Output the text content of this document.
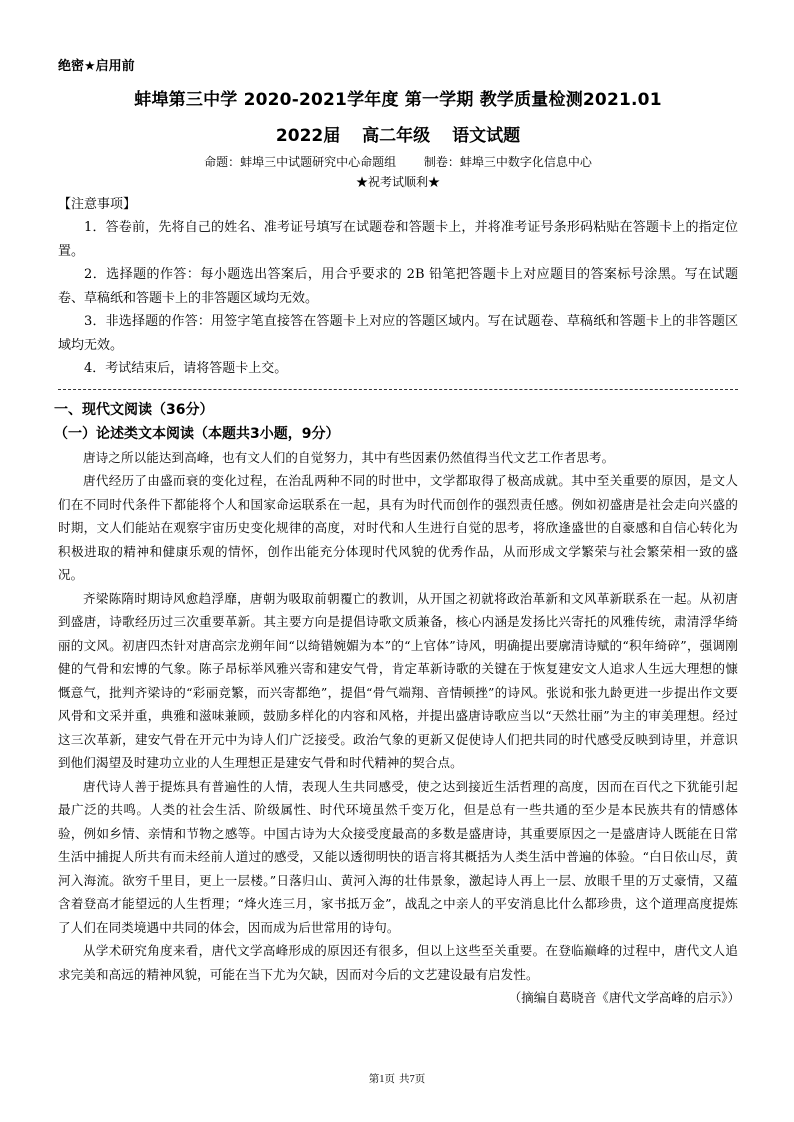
绝密★启用前
蚌埠第三中学 2020-2021学年度 第一学期 教学质量检测2021.01
2022届 高二年级 语文试题
命题：蚌埠三中试题研究中心命题组 制卷：蚌埠三中数字化信息中心
★祝考试顺利★
【注意事项】

1．答卷前，先将自己的姓名、准考证号填写在试题卷和答题卡上，并将准考证号条形码粘贴在答题卡上的指定位置。

2．选择题的作答：每小题选出答案后，用合乎要求的 2B 铅笔把答题卡上对应题目的答案标号涂黑。写在试题卷、草稿纸和答题卡上的非答题区域均无效。

3．非选择题的作答：用签字笔直接答在答题卡上对应的答题区域内。写在试题卷、草稿纸和答题卡上的非答题区域均无效。

4．考试结束后，请将答题卡上交。

一、现代文阅读（36分）
（一）论述类文本阅读（本题共3小题，9分）

唐诗之所以能达到高峰，也有文人们的自觉努力，其中有些因素仍然值得当代文艺工作者思考。

唐代经历了由盛而衰的变化过程，在治乱两种不同的时世中，文学都取得了极高成就。其中至关重要的原因，是文人们在不同时代条件下都能将个人和国家命运联系在一起，具有为时代而创作的强烈责任感。例如初盛唐是社会走向兴盛的时期，文人们能站在观察宇宙历史变化规律的高度，对时代和人生进行自觉的思考，将欣逢盛世的自豪感和自信心转化为积极进取的精神和健康乐观的情怀，创作出能充分体现时代风貌的优秀作品，从而形成文学繁荣与社会繁荣相一致的盛况。

齐梁陈隋时期诗风愈趋浮靡，唐朝为吸取前朝覆亡的教训，从开国之初就将政治革新和文风革新联系在一起。从初唐到盛唐，诗歌经历过三次重要革新。其主要方向是提倡诗歌文质兼备，核心内涵是发扬比兴寄托的风雅传统，肃清浮华绮丽的文风。初唐四杰针对唐高宗龙朔年间“以绮错婉媚为本”的“上官体”诗风，明确提出要廓清诗赋的“积年绮碎”，强调刚健的气骨和宏博的气象。陈子昂标举风雅兴寄和建安气骨，肯定革新诗歌的关键在于恢复建安文人追求人生远大理想的慷慨意气，批判齐梁诗的“彩丽竞繁，而兴寄都绝”，提倡“骨气端翔、音情顿挫”的诗风。张说和张九龄更进一步提出作文要风骨和文采并重，典雅和滋味兼顾，鼓励多样化的内容和风格，并提出盛唐诗歌应当以“天然壮丽”为主的审美理想。经过这三次革新，建安气骨在开元中为诗人们广泛接受。政治气象的更新又促使诗人们把共同的时代感受反映到诗里，并意识到他们渴望及时建功立业的人生理想正是建安气骨和时代精神的契合点。

唐代诗人善于提炼具有普遍性的人情，表现人生共同感受，使之达到接近生活哲理的高度，因而在百代之下犹能引起最广泛的共鸣。人类的社会生活、阶级属性、时代环境虽然千变万化，但是总有一些共通的至少是本民族共有的情感体验，例如乡情、亲情和节物之感等。中国古诗为大众接受度最高的多数是盛唐诗，其重要原因之一是盛唐诗人既能在日常生活中捕捉人所共有而未经前人道过的感受，又能以透彻明快的语言将其概括为人类生活中普遍的体验。“白日依山尽，黄河入海流。欲穷千里目，更上一层楼。”日落归山、黄河入海的壮伟景象，激起诗人再上一层、放眼千里的万丈豪情，又蕴含着登高才能望远的人生哲理；“烽火连三月，家书抵万金”，战乱之中亲人的平安消息比什么都珍贵，这个道理高度提炼了人们在同类境遇中共同的体会，因而成为后世常用的诗句。

从学术研究角度来看，唐代文学高峰形成的原因还有很多，但以上这些至关重要。在登临巅峰的过程中，唐代文人追求完美和高远的精神风貌，可能在当下尤为欠缺，因而对今后的文艺建设最有启发性。

（摘编自葛晓音《唐代文学高峰的启示》）
第1页 共7页
